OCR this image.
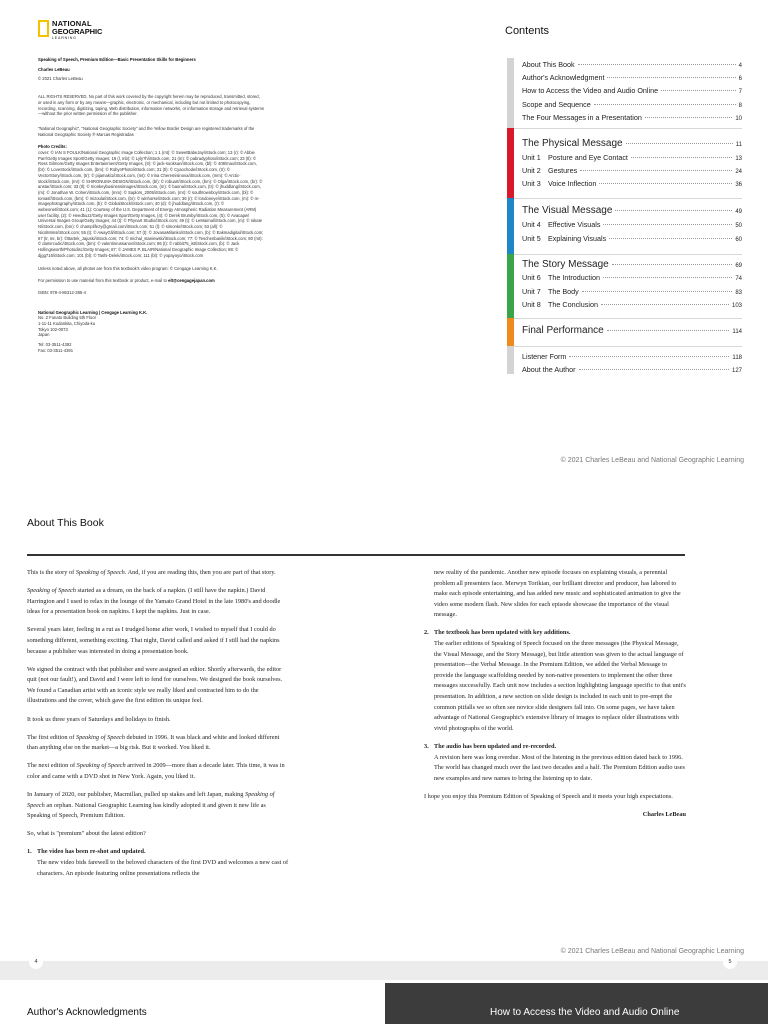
NATIONAL
GEOGRAPHIC
LEARNING

Speaking of Speech, Premium Edition—Basic Presentation Skills for Beginners

Charles LeBeau

© 2021 Charles LeBeau

ALL RIGHTS RESERVED. No part of this work covered by the copyright herein may be reproduced, transmitted, stored, or used in any form or by any means—graphic, electronic, or mechanical, including but not limited to photocopying, recording, scanning, digitizing, taping, Web distribution, information networks, or information storage and retrieval systems—without the prior written permission of the publisher.

"National Geographic", "National Geographic Society" and the Yellow Border Design are registered trademarks of the National Geographic Society ® Marcas Registradas

Photo Credits:

cover: © IAN S FOULK/National Geographic Image Collection; 1 1 (mt): © SweetBabeJay/iStock.com; 13 (r): © Abbie Parr/Getty Images Sport/Getty Images; 19 (l, mb): © Lyly?h/iStock.com; 21 (m): © pabradyphoto/iStock.com; 23 (tl): © Ross Gilmore/Getty Images Entertainment/Getty Images, (tr): © jack-sooksan/iStock.com, (bl): © 408/max/iStock.com, (br): © LoveStock/iStock.com, (bm): © RobynPhoto/iStock.com; 31 (tl): © Cyaochode/iStock.com, (tr): © VectorStory/iStock.com, (tr): © pijamaki1/iStock.com, (mt): © Irina Cheremisinova/iStock.com, (mm): © Arctic-stock/iStock.com, (mr): © SHIRONUMA DESIGN/iStock.com, (bl): © robuart/iStock.com, (bm): © Olga/iStock.com, (br): © anstar/iStock.com; 33 (tl): © monkeybusinessimages/iStock.com, (m): © baona/iStock.com, (tr): © jhuddlang/iStock.com, (m): © Jonathan W. Cohen/iStock.com, (mm): © Saplors_2005/iStock.com, (mr): © southtownboy/iStock.com, (bl): © tomasf/iStock.com, (bm): © mizoula/iStock.com, (br): © winhorse/iStock.com; 36 (r): © londoneye/iStock.com, (m): © m-imagephotography/iStock.com, (b): © GlobalStock/iStock.com; 40 (d): © jhuddlang/iStock.com, (r): © webeonet/iStock.com; 41 (1): Courtesy of the U.S. Department of Energy Atmospheric Radiation Measurement (ARM) user facility, (2): © Heedbuzz/Getty Images Sport/Getty Images, (4): © Derek Brumby/iStock.com, (5): © Avacapw/ Universal Images Group/Getty Images; 44 (t): © Phynart Studio/iStock.com; 49 (t): © LeMaimal/iStock.com, (m): © Iokate N/iStock.com, (bm): © champlifezy@gmail.com/iStock.com; 51 (l): © simonkr/iStock.com; 53 (all): © NicolMims/iStock.com; 55 (t): © AwayGli/iStock.com; 57 (t): © JovanaMilanko/iStock.com, (b): © Eakmadigital/iStock.com; 67 (tr, mr, br): ©Bartek_Jajuski/iStock.com; 74: © michal_staniewski/iStock.com; 77: © Teschenbanik/iStock.com; 80 (mt): © damircudic/iStock.com, (bm): © valentinrussanov/iStock.com; 86 (t): © rabbit75_ist/iStock.com, (b): © Jack Hollingsworth/Photodisc/Getty Images; 87: © JAMES P. BLAIR/National Geographic Image Collection; 88: © djgg716/iStock.com; 101 (bl): © Tashi-Delek/iStock.com; 111 (bl): © yopayoyo/iStock.com

Unless noted above, all photos are from this textbook's video program: © Cengage Learning K.K.

For permission to use material from this textbook or product, e-mail to elt@cengagejapan.com

ISBN: 978-4-86312-385-4

National Geographic Learning | Cengage Learning K.K.

No. 2 Funato Building 5th Floor

1-11-11 Kudankita, Chiyoda-ku

Tokyo 102-0073

Japan

Tel: 03-3511-4392

Fax: 03-3511-4391

Contents
About This Book	4
Author's Acknowledgment	6
How to Access the Video and Audio Online	7
Scope and Sequence	8
The Four Messages in a Presentation	10
The Physical Message	11
Unit 1	Posture and Eye Contact	13
Unit 2	Gestures	24
Unit 3	Voice Inflection	36
The Visual Message	49
Unit 4	Effective Visuals	50
Unit 5	Explaining Visuals	60
The Story Message	69
Unit 6	The Introduction	74
Unit 7	The Body	83
Unit 8	The Conclusion	103
Final Performance	114
Listener Form	118
About the Author	127
© 2021 Charles LeBeau and National Geographic Learning
About This Book

This is the story of Speaking of Speech. And, if you are reading this, then you are part of that story.

Speaking of Speech started as a dream, on the back of a napkin. (I still have the napkin.) David Harrington and I used to relax in the lounge of the Yamato Grand Hotel in the late 1980's and doodle ideas for a presentation book on napkins. I kept the napkins. Just in case.

Several years later, feeling in a rut as I trudged home after work, I wished to myself that I could do something different, something exciting. That night, David called and asked if I still had the napkins because a publisher was interested in doing a presentation book.

We signed the contract with that publisher and were assigned an editor. Shortly afterwards, the editor quit (not our fault!), and David and I were left to fend for ourselves. We designed the book ourselves. We found a Canadian artist with an iconic style we really liked and contracted him to do the illustrations and the cover, which gave the first edition its unique feel.

It took us three years of Saturdays and holidays to finish.

The first edition of Speaking of Speech debuted in 1996. It was black and white and looked different than anything else on the market—a big risk. But it worked. You liked it.

The next edition of Speaking of Speech arrived in 2009—more than a decade later. This time, it was in color and came with a DVD shot in New York. Again, you liked it.

In January of 2020, our publisher, Macmillan, pulled up stakes and left Japan, making Speaking of Speech an orphan. National Geographic Learning has kindly adopted it and given it new life as Speaking of Speech, Premium Edition.

So, what is "premium" about the latest edition?

1. The video has been re-shot and updated.
The new video bids farewell to the beloved characters of the first DVD and welcomes a new cast of characters. An episode featuring online presentations reflects the

new reality of the pandemic. Another new episode focuses on explaining visuals, a perennial problem all presenters face. Merwyn Torikian, our brilliant director and producer, has labored to make each episode entertaining, and has added new music and sophisticated animation to give the video some modern flash. New slides for each episode showcase the importance of the visual message.

2. The textbook has been updated with key additions.
The earlier editions of Speaking of Speech focused on the three messages (the Physical Message, the Visual Message, and the Story Message), but little attention was given to the actual language of presentation—the Verbal Message. In the Premium Edition, we added the Verbal Message to provide the language scaffolding needed by non-native presenters to implement the other three messages successfully. Each unit now includes a section highlighting language specific to that unit's presentation. In addition, a new section on slide design is included in each unit to pre-empt the common pitfalls we so often see novice slide designers fall into. On some pages, we have taken advantage of National Geographic's extensive library of images to replace older illustrations with vivid photographs of the world.
3. The audio has been updated and re-recorded.
A revision here was long overdue. Most of the listening in the previous edition dated back to 1996. The world has changed much over the last two decades and a half. The Premium Edition audio uses new examples and new names to bring the listening up to date.

I hope you enjoy this Premium Edition of Speaking of Speech and it meets your high expectations.

Charles LeBeau

© 2021 Charles LeBeau and National Geographic Learning
4	5
Author's Acknowledgments	How to Access the Video and Audio Online
